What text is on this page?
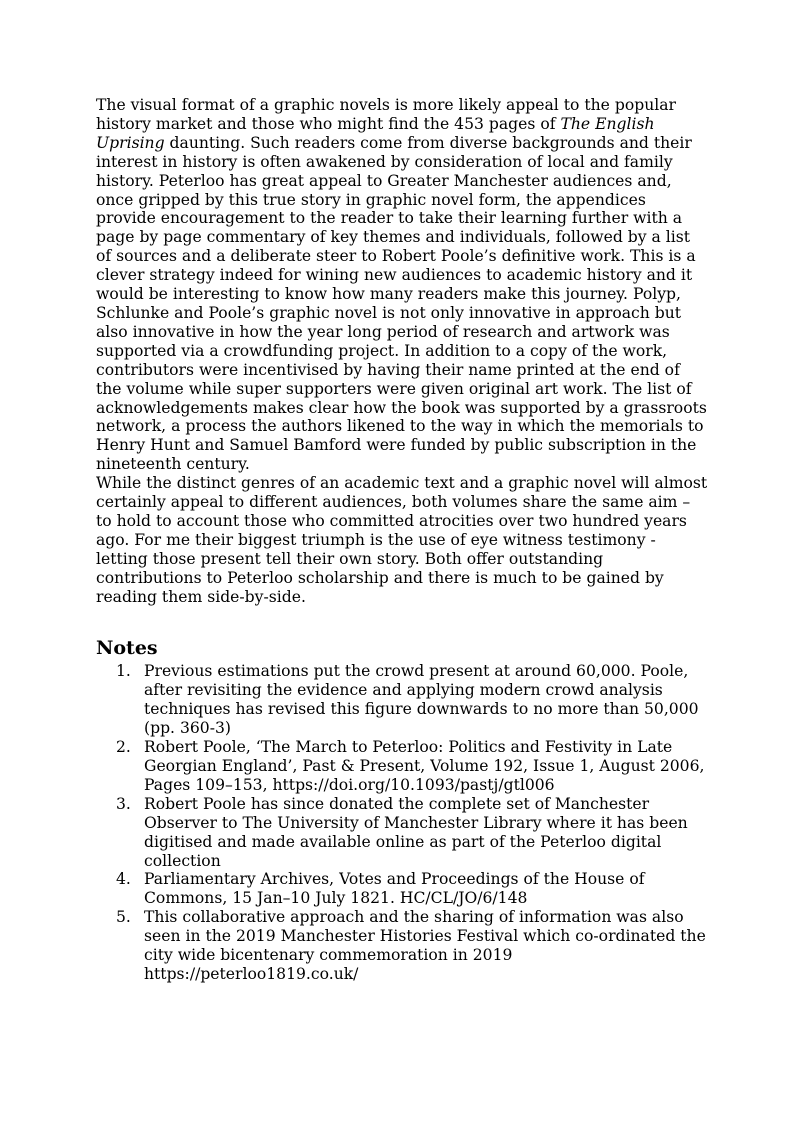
The visual format of a graphic novels is more likely appeal to the popular history market and those who might find the 453 pages of The English Uprising daunting. Such readers come from diverse backgrounds and their interest in history is often awakened by consideration of local and family history. Peterloo has great appeal to Greater Manchester audiences and, once gripped by this true story in graphic novel form, the appendices provide encouragement to the reader to take their learning further with a page by page commentary of key themes and individuals, followed by a list of sources and a deliberate steer to Robert Poole’s definitive work. This is a clever strategy indeed for wining new audiences to academic history and it would be interesting to know how many readers make this journey. Polyp, Schlunke and Poole’s graphic novel is not only innovative in approach but also innovative in how the year long period of research and artwork was supported via a crowdfunding project. In addition to a copy of the work, contributors were incentivised by having their name printed at the end of the volume while super supporters were given original art work. The list of acknowledgements makes clear how the book was supported by a grassroots network, a process the authors likened to the way in which the memorials to Henry Hunt and Samuel Bamford were funded by public subscription in the nineteenth century.

While the distinct genres of an academic text and a graphic novel will almost certainly appeal to different audiences, both volumes share the same aim – to hold to account those who committed atrocities over two hundred years ago. For me their biggest triumph is the use of eye witness testimony - letting those present tell their own story. Both offer outstanding contributions to Peterloo scholarship and there is much to be gained by reading them side-by-side.

Notes
1. Previous estimations put the crowd present at around 60,000. Poole, after revisiting the evidence and applying modern crowd analysis techniques has revised this figure downwards to no more than 50,000 (pp. 360-3)
2. Robert Poole, ‘The March to Peterloo: Politics and Festivity in Late Georgian England’, Past & Present, Volume 192, Issue 1, August 2006, Pages 109–153, https://doi.org/10.1093/pastj/gtl006
3. Robert Poole has since donated the complete set of Manchester Observer to The University of Manchester Library where it has been digitised and made available online as part of the Peterloo digital collection
4. Parliamentary Archives, Votes and Proceedings of the House of Commons, 15 Jan–10 July 1821. HC/CL/JO/6/148
5. This collaborative approach and the sharing of information was also seen in the 2019 Manchester Histories Festival which co-ordinated the city wide bicentenary commemoration in 2019 https://peterloo1819.co.uk/
